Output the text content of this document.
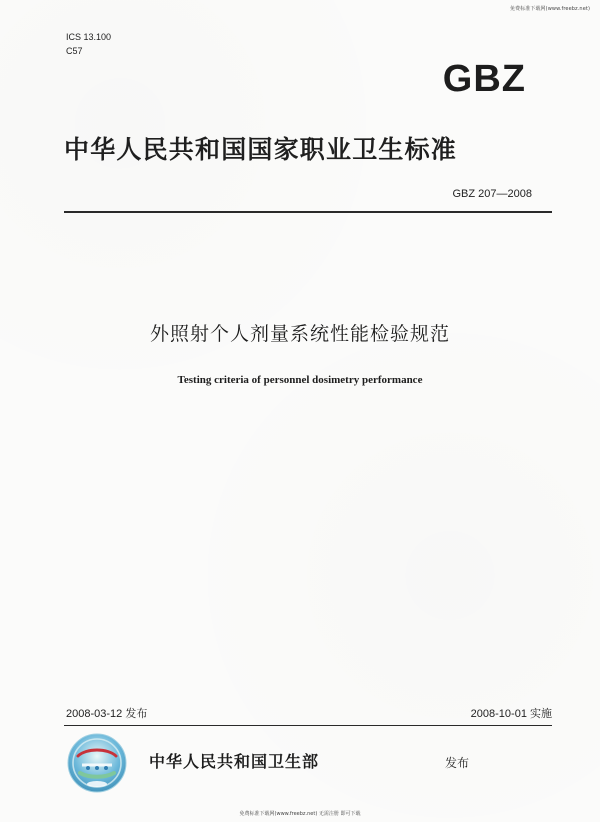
免费标准下载网(www.freebz.net)
ICS 13.100
C57
GBZ
中华人民共和国国家职业卫生标准
GBZ 207—2008
外照射个人剂量系统性能检验规范
Testing criteria of personnel dosimetry performance
2008-03-12 发布	2008-10-01 实施
中华人民共和国卫生部	发布
免费标准下载网(www.freebz.net) 无需注册 即可下载
